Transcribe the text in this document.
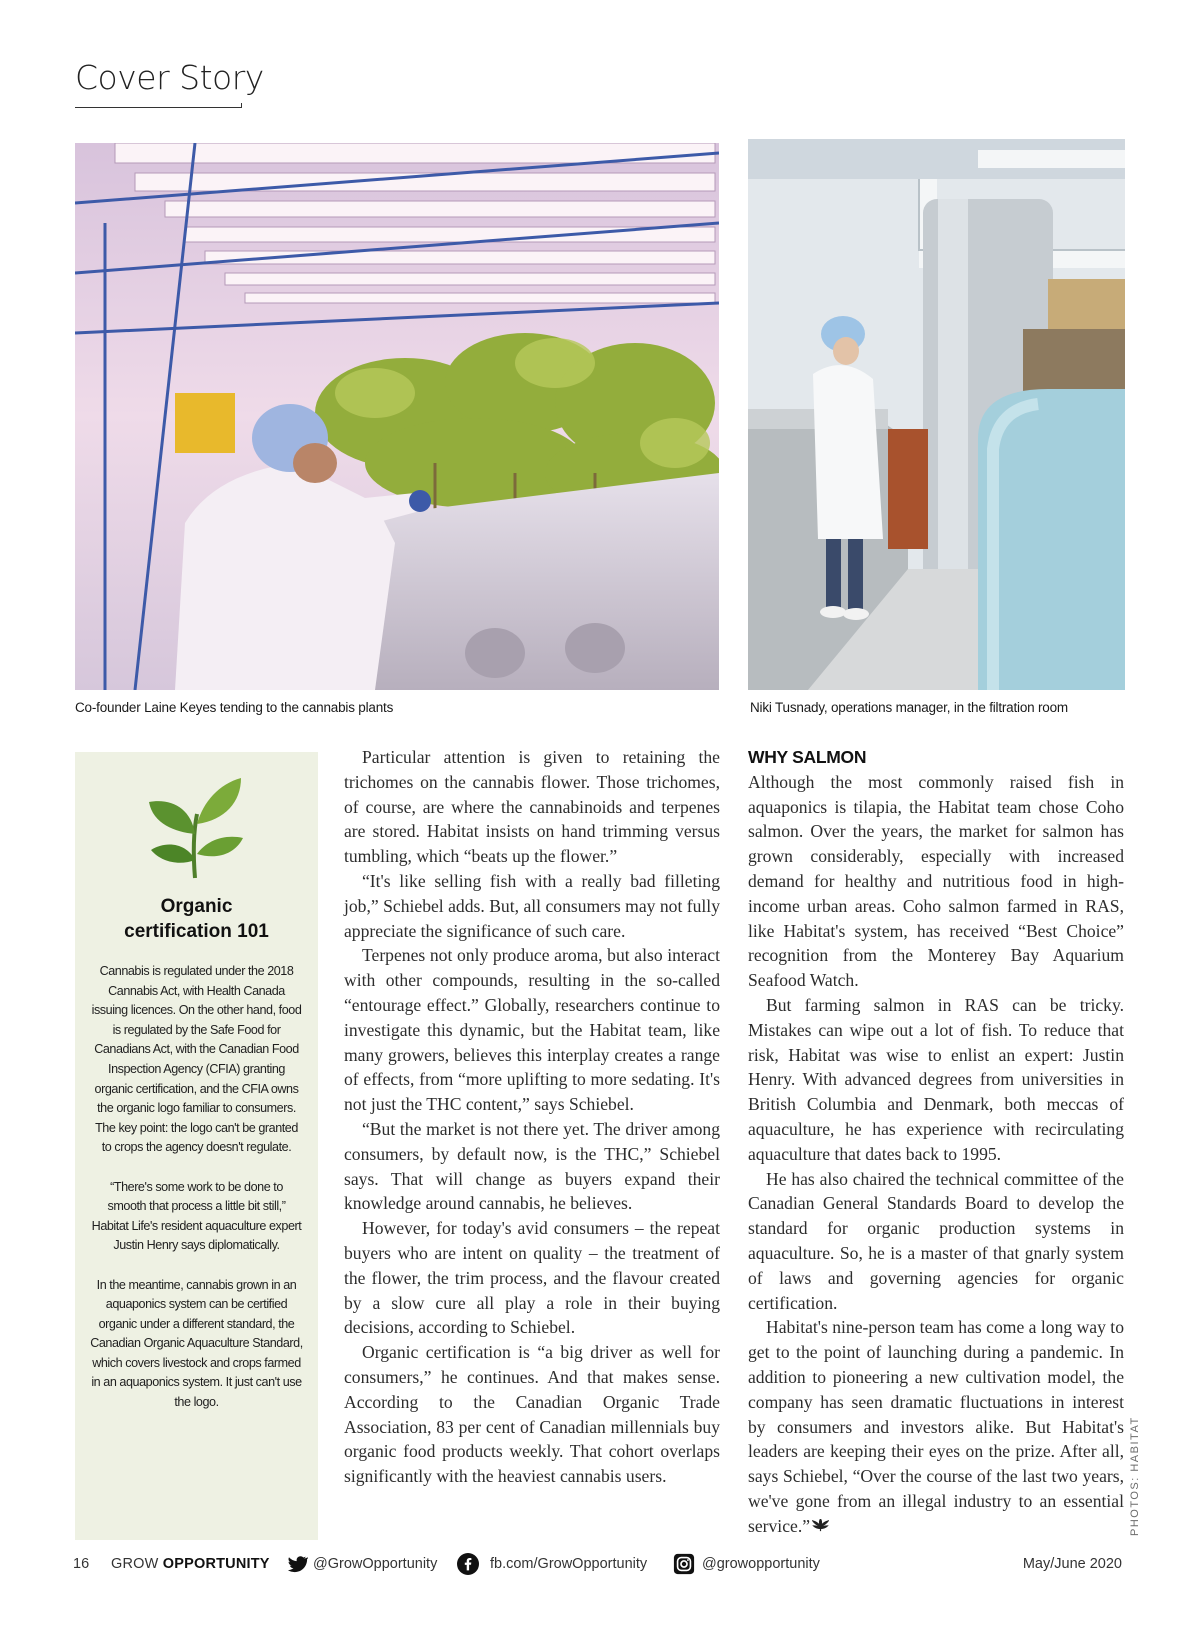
Cover Story
Co-founder Laine Keyes tending to the cannabis plants	Niki Tusnady, operations manager, in the filtration room
Organic
certification 101

Cannabis is regulated under the 2018 Cannabis Act, with Health Canada issuing licences. On the other hand, food is regulated by the Safe Food for Canadians Act, with the Canadian Food Inspection Agency (CFIA) granting organic certification, and the CFIA owns the organic logo familiar to consumers. The key point: the logo can't be granted to crops the agency doesn't regulate.

“There's some work to be done to smooth that process a little bit still,” Habitat Life's resident aquaculture expert Justin Henry says diplomatically.

In the meantime, cannabis grown in an aquaponics system can be certified organic under a different standard, the Canadian Organic Aquaculture Standard, which covers livestock and crops farmed in an aquaponics system. It just can't use the logo.

Particular attention is given to retaining the trichomes on the cannabis flower. Those trichomes, of course, are where the cannabinoids and terpenes are stored. Habitat insists on hand trimming versus tumbling, which “beats up the flower.”

“It's like selling fish with a really bad filleting job,” Schiebel adds. But, all consumers may not fully appreciate the significance of such care.

Terpenes not only produce aroma, but also interact with other compounds, resulting in the so-called “entourage effect.” Globally, researchers continue to investigate this dynamic, but the Habitat team, like many growers, believes this interplay creates a range of effects, from “more uplifting to more sedating. It's not just the THC content,” says Schiebel.

“But the market is not there yet. The driver among consumers, by default now, is the THC,” Schiebel says. That will change as buyers expand their knowledge around cannabis, he believes.

However, for today's avid consumers – the repeat buyers who are intent on quality – the treatment of the flower, the trim process, and the flavour created by a slow cure all play a role in their buying decisions, according to Schiebel.

Organic certification is “a big driver as well for consumers,” he continues. And that makes sense. According to the Canadian Organic Trade Association, 83 per cent of Canadian millennials buy organic food products weekly. That cohort overlaps significantly with the heaviest cannabis users.

WHY SALMON

Although the most commonly raised fish in aquaponics is tilapia, the Habitat team chose Coho salmon. Over the years, the market for salmon has grown considerably, especially with increased demand for healthy and nutritious food in high-income urban areas. Coho salmon farmed in RAS, like Habitat's system, has received “Best Choice” recognition from the Monterey Bay Aquarium Seafood Watch.

But farming salmon in RAS can be tricky. Mistakes can wipe out a lot of fish. To reduce that risk, Habitat was wise to enlist an expert: Justin Henry. With advanced degrees from universities in British Columbia and Denmark, both meccas of aquaculture, he has experience with recirculating aquaculture that dates back to 1995.

He has also chaired the technical committee of the Canadian General Standards Board to develop the standard for organic production systems in aquaculture. So, he is a master of that gnarly system of laws and governing agencies for organic certification.

Habitat's nine-person team has come a long way to get to the point of launching during a pandemic. In addition to pioneering a new cultivation model, the company has seen dramatic fluctuations in interest by consumers and investors alike. But Habitat's leaders are keeping their eyes on the prize. After all, says Schiebel, “Over the course of the last two years, we've gone from an illegal industry to an essential service.”	PHOTOS: HABITAT
16 GROW OPPORTUNITY	@GrowOpportunity	fb.com/GrowOpportunity	@growopportunity	May/June 2020
